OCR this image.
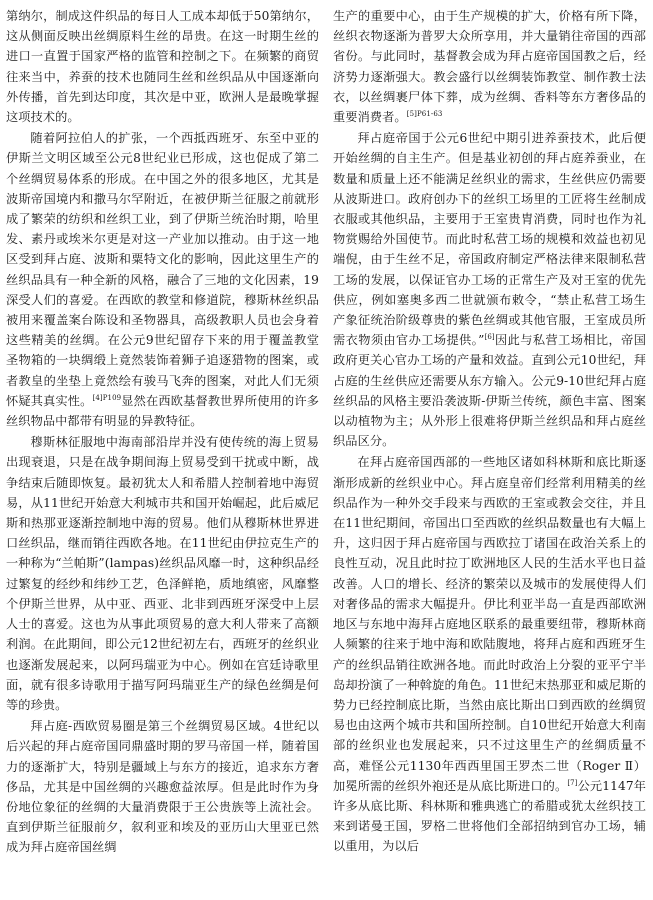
第纳尔，制成这件织品的每日人工成本却低于50第纳尔，这从侧面反映出丝绸原料生丝的昂贵。在这一时期生丝的进口一直置于国家严格的监管和控制之下。在频繁的商贸往来当中，养蚕的技术也随同生丝和丝织品从中国逐渐向外传播，首先到达印度，其次是中亚，欧洲人是最晚掌握这项技术的。

随着阿拉伯人的扩张，一个西抵西班牙、东至中亚的伊斯兰文明区域至公元8世纪业已形成，这也促成了第二个丝绸贸易体系的形成。在中国之外的很多地区，尤其是波斯帝国境内和撒马尔罕附近，在被伊斯兰征服之前就形成了繁荣的纺织和丝织工业，到了伊斯兰统治时期，哈里发、素丹或埃米尔更是对这一产业加以推动。由于这一地区受到拜占庭、波斯和粟特文化的影响，因此这里生产的丝织品具有一种全新的风格，融合了三地的文化因素，19深受人们的喜爱。在西欧的教堂和修道院，穆斯林丝织品被用来覆盖案台陈设和圣物器具，高级教职人员也会身着这些精美的丝绸。在公元9世纪留存下来的用于覆盖教堂圣物箱的一块绸缎上竟然装饰着狮子追逐猎物的图案，或者教皇的坐垫上竟然绘有骏马飞奔的图案，对此人们无须怀疑其真实性。$^{[4]P109}$显然在西欧基督教世界所使用的许多丝织物品中都带有明显的异教特征。

穆斯林征服地中海南部沿岸并没有使传统的海上贸易出现衰退，只是在战争期间海上贸易受到干扰或中断，战争结束后随即恢复。最初犹太人和希腊人控制着地中海贸易，从11世纪开始意大利城市共和国开始崛起，此后威尼斯和热那亚逐渐控制地中海的贸易。他们从穆斯林世界进口丝织品，继而销往西欧各地。在11世纪由伊拉克生产的一种称为“兰帕斯”(lampas)丝织品风靡一时，这种织品经过繁复的经纱和纬纱工艺，色泽鲜艳，质地缜密，风靡整个伊斯兰世界，从中亚、西亚、北非到西班牙深受中上层人士的喜爱。这也为从事此项贸易的意大利人带来了高额利润。在此期间，即公元12世纪初左右，西班牙的丝织业也逐渐发展起来，以阿玛瑞亚为中心。例如在宫廷诗歌里面，就有很多诗歌用于描写阿玛瑞亚生产的绿色丝绸是何等的珍贵。

拜占庭-西欧贸易圈是第三个丝绸贸易区域。4世纪以后兴起的拜占庭帝国同鼎盛时期的罗马帝国一样，随着国力的逐渐扩大，特别是疆域上与东方的接近，追求东方奢侈品，尤其是中国丝绸的兴趣愈益浓厚。但是此时作为身份地位象征的丝绸的大量消费限于王公贵族等上流社会。直到伊斯兰征服前夕，叙利亚和埃及的亚历山大里亚已然成为拜占庭帝国丝绸

生产的重要中心，由于生产规模的扩大，价格有所下降，丝织衣物逐渐为普罗大众所享用，并大量销往帝国的西部省份。与此同时，基督教会成为拜占庭帝国国教之后，经济势力逐渐强大。教会盛行以丝绸装饰教堂、制作教士法衣，以丝绸裹尸体下葬，成为丝绸、香料等东方奢侈品的重要消费者。$^{[5]P61-63}$

拜占庭帝国于公元6世纪中期引进养蚕技术，此后便开始丝绸的自主生产。但是基业初创的拜占庭养蚕业，在数量和质量上还不能满足丝织业的需求，生丝供应仍需要从波斯进口。政府创办下的丝织工场里的工匠将生丝制成衣服或其他织品，主要用于王室贵胄消费，同时也作为礼物赏赐给外国使节。而此时私营工场的规模和效益也初见端倪，由于生丝不足，帝国政府制定严格法律来限制私营工场的发展，以保证官办工场的正常生产及对王室的优先供应，例如塞奥多西二世就颁布敕令，“禁止私营工场生产象征统治阶级尊贵的紫色丝绸或其他官服，王室成员所需衣物须由官办工场提供。”[6]因此与私营工场相比，帝国政府更关心官办工场的产量和效益。直到公元10世纪，拜占庭的生丝供应还需要从东方输入。公元9-10世纪拜占庭丝织品的风格主要沿袭波斯-伊斯兰传统，颜色丰富、图案以动植物为主；从外形上很难将伊斯兰丝织品和拜占庭丝织品区分。

在拜占庭帝国西部的一些地区诸如科林斯和底比斯逐渐形成新的丝织业中心。拜占庭皇帝们经常利用精美的丝织品作为一种外交手段来与西欧的王室或教会交往，并且在11世纪期间，帝国出口至西欧的丝织品数量也有大幅上升，这归因于拜占庭帝国与西欧拉丁诸国在政治关系上的良性互动，况且此时拉丁欧洲地区人民的生活水平也日益改善。人口的增长、经济的繁荣以及城市的发展使得人们对奢侈品的需求大幅提升。伊比利亚半岛一直是西部欧洲地区与东地中海拜占庭地区联系的最重要纽带，穆斯林商人频繁的往来于地中海和欧陆腹地，将拜占庭和西班牙生产的丝织品销往欧洲各地。而此时政治上分裂的亚平宁半岛却扮演了一种斡旋的角色。11世纪末热那亚和威尼斯的势力已经控制底比斯，当然由底比斯出口到西欧的丝绸贸易也由这两个城市共和国所控制。自10世纪开始意大利南部的丝织业也发展起来，只不过这里生产的丝绸质量不高，难怪公元1130年西西里国王罗杰二世（Roger Ⅱ）加冕所需的丝织外袍还是从底比斯进口的。[7]公元1147年许多从底比斯、科林斯和雅典逃亡的希腊或犹太丝织技工来到诺曼王国，罗格二世将他们全部招纳到官办工场，辅以重用，为以后
